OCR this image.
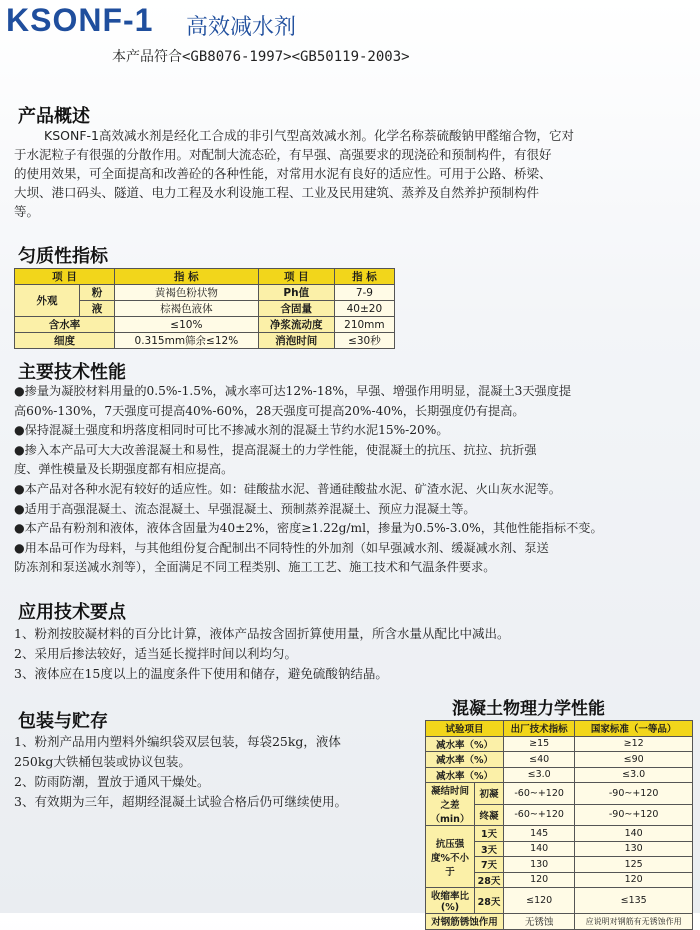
KSONF-1 高效减水剂
本产品符合<GB8076-1997><GB50119-2003>
产品概述
KSONF-1高效减水剂是经化工合成的非引气型高效减水剂。化学名称萘硫酸钠甲醛缩合物，它对
于水泥粒子有很强的分散作用。对配制大流态砼，有早强、高强要求的现浇砼和预制构件，有很好
的使用效果，可全面提高和改善砼的各种性能，对常用水泥有良好的适应性。可用于公路、桥梁、
大坝、港口码头、隧道、电力工程及水利设施工程、工业及民用建筑、蒸养及自然养护预制构件
等。
匀质性指标
项 目		指 标	项 目	指 标
外观	粉	黄褐色粉状物	Ph值	7-9
	液	棕褐色液体	含固量	40±20
含水率		≤10%	净浆流动度	210mm
细度		0.315mm筛余≤12%	消泡时间	≤30秒
主要技术性能
●掺量为凝胶材料用量的0.5%-1.5%，减水率可达12%-18%，早强、增强作用明显，混凝土3天强度提
高60%-130%，7天强度可提高40%-60%，28天强度可提高20%-40%，长期强度仍有提高。
●保持混凝土强度和坍落度相同时可比不掺减水剂的混凝土节约水泥15%-20%。
●掺入本产品可大大改善混凝土和易性，提高混凝土的力学性能，使混凝土的抗压、抗拉、抗折强
度、弹性模量及长期强度都有相应提高。
●本产品对各种水泥有较好的适应性。如：硅酸盐水泥、普通硅酸盐水泥、矿渣水泥、火山灰水泥等。
●适用于高强混凝土、流态混凝土、早强混凝土、预制蒸养混凝土、预应力混凝土等。
●本产品有粉剂和液体，液体含固量为40±2%，密度≥1.22g/ml，掺量为0.5%-3.0%，其他性能指标不变。
●用本品可作为母料，与其他组份复合配制出不同特性的外加剂（如早强减水剂、缓凝减水剂、泵送
防冻剂和泵送减水剂等），全面满足不同工程类别、施工工艺、施工技术和气温条件要求。
应用技术要点
1、粉剂按胶凝材料的百分比计算，液体产品按含固折算使用量，所含水量从配比中减出。
2、采用后掺法较好，适当延长搅拌时间以利均匀。
3、液体应在15度以上的温度条件下使用和储存，避免硫酸钠结晶。
包装与贮存
1、粉剂产品用内塑料外编织袋双层包装，每袋25kg，液体
250kg大铁桶包装或协议包装。
2、防雨防潮，置放于通风干燥处。
3、有效期为三年，超期经混凝土试验合格后仍可继续使用。
混凝土物理力学性能
试验项目		出厂技术指标	国家标准（一等品）
减水率（%）		≥15	≥12
减水率（%）		≤40	≤90
减水率（%）		≤3.0	≤3.0
凝结时间之差（min）	初凝	-60~+120	-90~+120
	终凝	-60~+120	-90~+120
抗压强度%不小于	1天	145	140
	3天	140	130
	7天	130	125
	28天	120	120
收缩率比(%)	28天	≤120	≤135
对钢筋锈蚀作用		无锈蚀	应说明对钢筋有无锈蚀作用
